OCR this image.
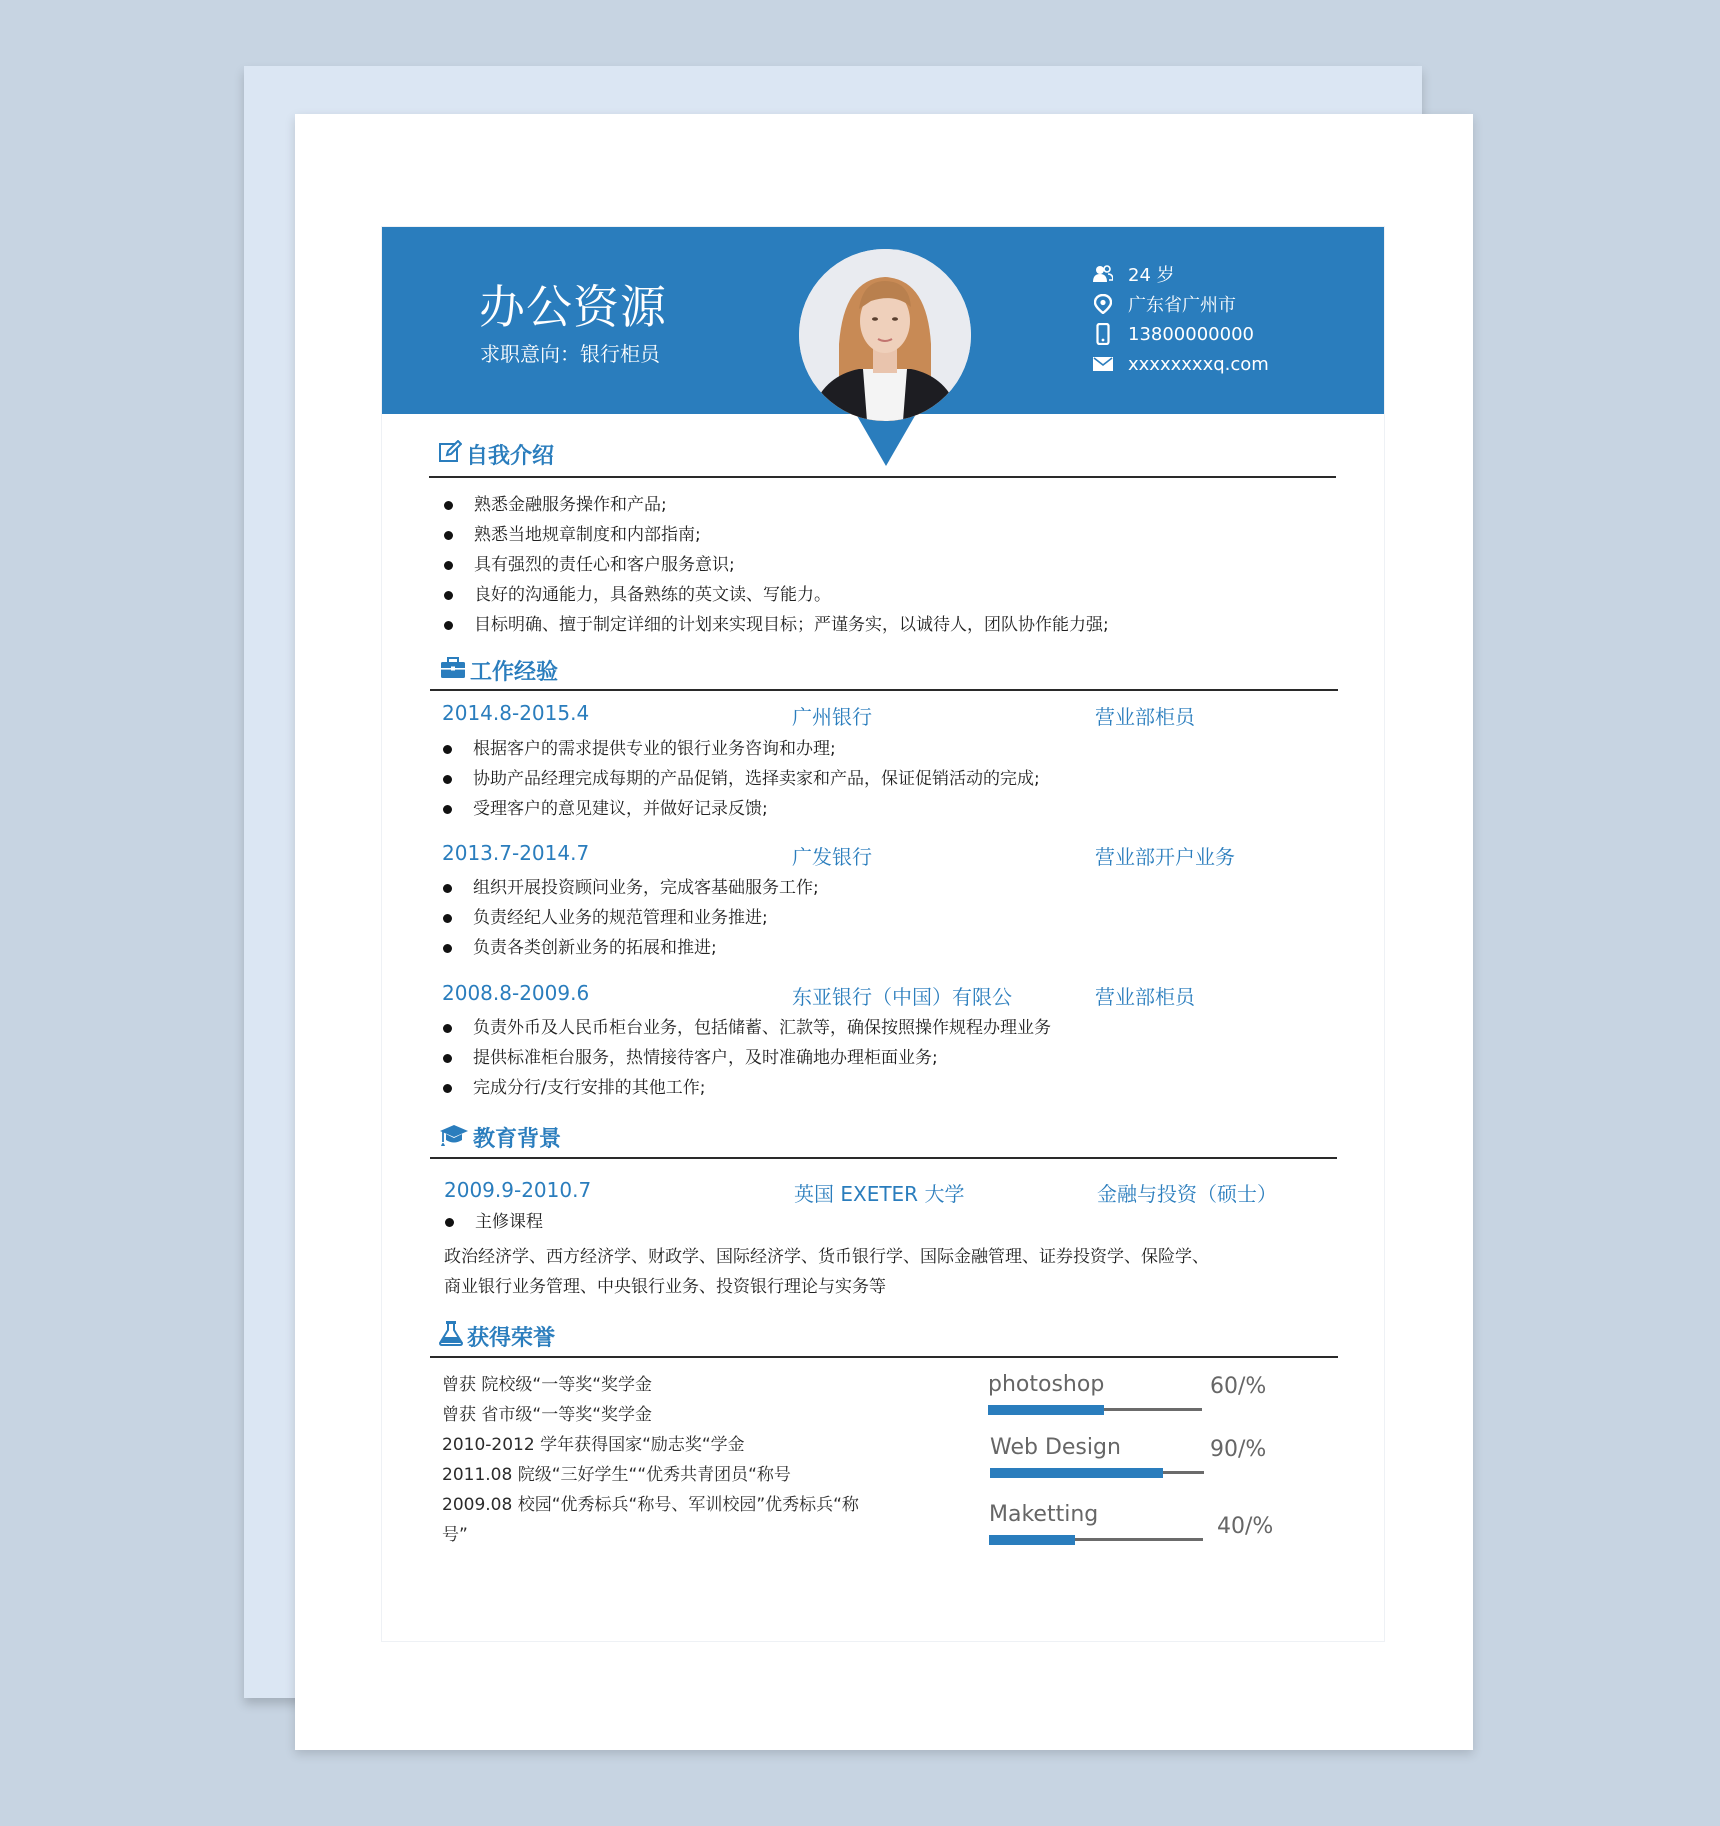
办公资源
求职意向：银行柜员
24 岁
广东省广州市
13800000000
xxxxxxxxq.com
自我介绍
熟悉金融服务操作和产品;
熟悉当地规章制度和内部指南;
具有强烈的责任心和客户服务意识;
良好的沟通能力，具备熟练的英文读、写能力。
目标明确、擅于制定详细的计划来实现目标；严谨务实，以诚待人，团队协作能力强;
工作经验
2014.8-2015.4	广州银行	营业部柜员
根据客户的需求提供专业的银行业务咨询和办理;
协助产品经理完成每期的产品促销，选择卖家和产品，保证促销活动的完成;
受理客户的意见建议，并做好记录反馈;
2013.7-2014.7	广发银行	营业部开户业务
组织开展投资顾问业务，完成客基础服务工作;
负责经纪人业务的规范管理和业务推进;
负责各类创新业务的拓展和推进;
2008.8-2009.6	东亚银行（中国）有限公	营业部柜员
负责外币及人民币柜台业务，包括储蓄、汇款等，确保按照操作规程办理业务
提供标准柜台服务，热情接待客户，及时准确地办理柜面业务;
完成分行/支行安排的其他工作;
教育背景
2009.9-2010.7	英国 EXETER 大学	金融与投资（硕士）
主修课程
政治经济学、西方经济学、财政学、国际经济学、货币银行学、国际金融管理、证券投资学、保险学、
商业银行业务管理、中央银行业务、投资银行理论与实务等
获得荣誉
曾获 院校级“一等奖“奖学金
曾获 省市级“一等奖“奖学金
2010-2012 学年获得国家“励志奖“学金
2011.08 院级“三好学生““优秀共青团员“称号
2009.08 校园“优秀标兵“称号、军训校园”优秀标兵“称
号”
photoshop	60/%
Web Design	90/%
Maketting	40/%
